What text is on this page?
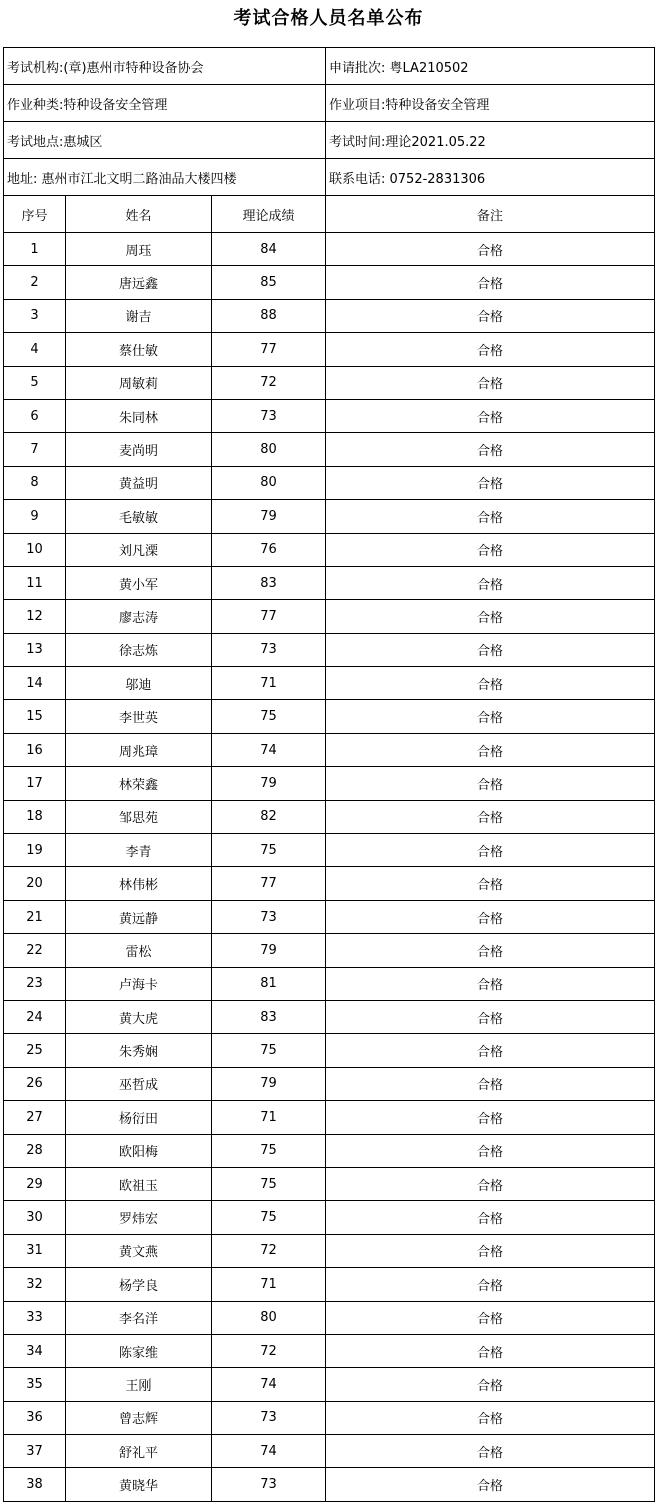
考试合格人员名单公布
考试机构:(章)惠州市特种设备协会			申请批次: 粤LA210502
作业种类:特种设备安全管理			作业项目:特种设备安全管理
考试地点:惠城区			考试时间:理论2021.05.22
地址: 惠州市江北文明二路油品大楼四楼			联系电话: 0752-2831306
序号	姓名	理论成绩	备注
1	周珏	84	合格
2	唐远鑫	85	合格
3	谢吉	88	合格
4	蔡仕敏	77	合格
5	周敏莉	72	合格
6	朱同林	73	合格
7	麦尚明	80	合格
8	黄益明	80	合格
9	毛敏敏	79	合格
10	刘凡溧	76	合格
11	黄小军	83	合格
12	廖志涛	77	合格
13	徐志炼	73	合格
14	邬迪	71	合格
15	李世英	75	合格
16	周兆璋	74	合格
17	林荣鑫	79	合格
18	邹思苑	82	合格
19	李青	75	合格
20	林伟彬	77	合格
21	黄远静	73	合格
22	雷松	79	合格
23	卢海卡	81	合格
24	黄大虎	83	合格
25	朱秀娴	75	合格
26	巫哲成	79	合格
27	杨衍田	71	合格
28	欧阳梅	75	合格
29	欧祖玉	75	合格
30	罗炜宏	75	合格
31	黄文燕	72	合格
32	杨学良	71	合格
33	李名洋	80	合格
34	陈家维	72	合格
35	王刚	74	合格
36	曾志辉	73	合格
37	舒礼平	74	合格
38	黄晓华	73	合格
